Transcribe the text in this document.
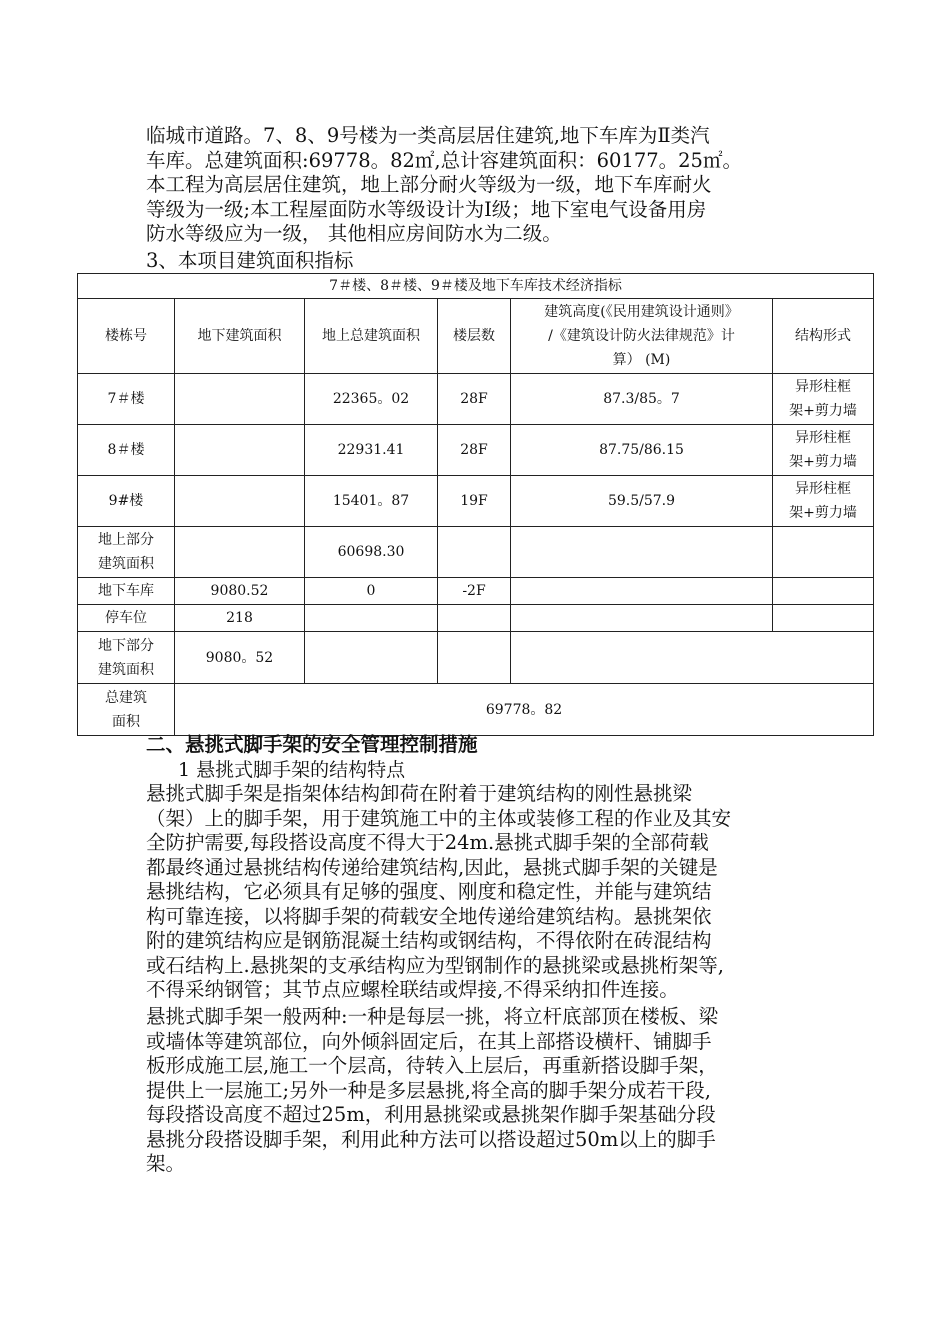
临城市道路。7、8、9号楼为一类高层居住建筑,地下车库为Ⅱ类汽
车库。总建筑面积:69778。82㎡,总计容建筑面积：60177。25㎡。
本工程为高层居住建筑，地上部分耐火等级为一级，地下车库耐火
等级为一级;本工程屋面防水等级设计为Ⅰ级；地下室电气设备用房
防水等级应为一级， 其他相应房间防水为二级。
3、本项目建筑面积指标
7＃楼、8＃楼、9＃楼及地下车库技术经济指标					
楼栋号	地下建筑面积	地上总建筑面积	楼层数	建筑高度(《民用建筑设计通则》
/《建筑设计防火法律规范》计
算） (M)	结构形式
7＃楼		22365。02	28F	87.3/85。7	异形柱框
架+剪力墙

8＃楼		22931.41	28F	87.75/86.15	异形柱框
架+剪力墙

9#楼		15401。87	19F	59.5/57.9	异形柱框
架+剪力墙

地上部分
建筑面积		60698.30			
地下车库	9080.52	0	-2F		
停车位	218				

地下部分
建筑面积	9080。52				

总建筑
面积	69778。82				
二、悬挑式脚手架的安全管理控制措施
1 悬挑式脚手架的结构特点
悬挑式脚手架是指架体结构卸荷在附着于建筑结构的刚性悬挑梁
（架）上的脚手架，用于建筑施工中的主体或装修工程的作业及其安
全防护需要,每段搭设高度不得大于24m.悬挑式脚手架的全部荷载
都最终通过悬挑结构传递给建筑结构,因此，悬挑式脚手架的关键是
悬挑结构，它必须具有足够的强度、刚度和稳定性，并能与建筑结
构可靠连接，以将脚手架的荷载安全地传递给建筑结构。悬挑架依
附的建筑结构应是钢筋混凝土结构或钢结构，不得依附在砖混结构
或石结构上.悬挑架的支承结构应为型钢制作的悬挑梁或悬挑桁架等,
不得采纳钢管；其节点应螺栓联结或焊接,不得采纳扣件连接。
悬挑式脚手架一般两种:一种是每层一挑，将立杆底部顶在楼板、梁
或墙体等建筑部位，向外倾斜固定后，在其上部搭设横杆、铺脚手
板形成施工层,施工一个层高，待转入上层后，再重新搭设脚手架，
提供上一层施工;另外一种是多层悬挑,将全高的脚手架分成若干段,
每段搭设高度不超过25m，利用悬挑梁或悬挑架作脚手架基础分段
悬挑分段搭设脚手架，利用此种方法可以搭设超过50m以上的脚手
架。
